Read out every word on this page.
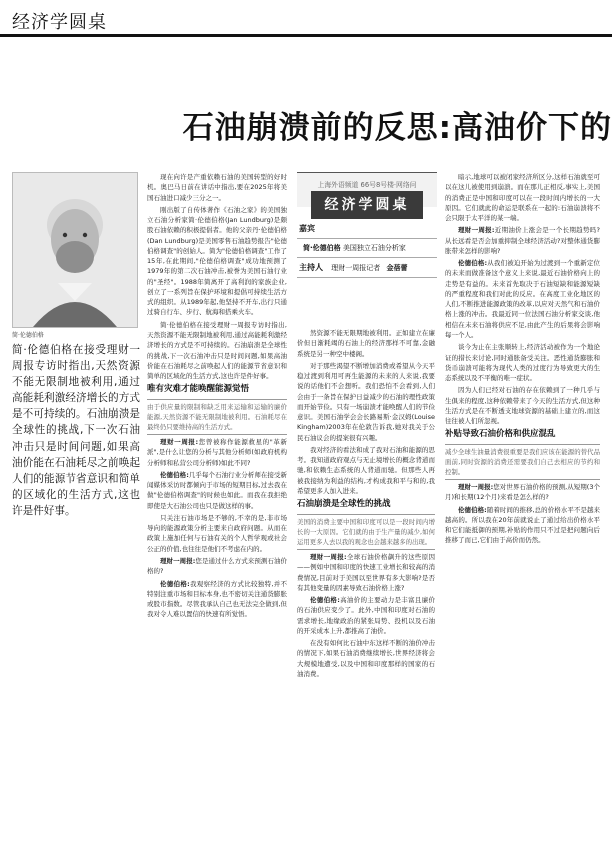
经济学圆桌
石油崩溃前的反思:高油价下的
简·伦德伯格
简·伦德伯格在接受理财一周报专访时指出,天然资源不能无限制地被利用,通过高能耗利激经济增长的方式是不可持续的。石油崩溃是全球性的挑战,下一次石油冲击只是时间问题,如果高油价能在石油耗尽之前唤起人们的能源节省意识和简单的区域化的生活方式,这也许是件好事。

现在向许是产重依赖石油的美国转型的好时机。奥巴马日前在讲话中指出,要在2025年将美国石油进口减少三分之一。

刚出版了自传体著作《石油之家》的美国独立石油分析家简·伦德伯格(Jan Lundburg)是颇股石油依赖的积极提倡者。他的父亲丹·伦德伯格(Dan Lundburg)是美国零售石油趋势报告"伦德伯格调查"的创始人。简为"伦德伯格调查"工作了15年,在此期间,"伦德伯格调查"成功地预测了1979年的第二次石油冲击,被誉为美国石油行业的"圣经"。1988年简离开了高利润的家族企业,创立了一系列旨在保护环境和提倡可持续生活方式的组织。从1989年起,他坚持不开车,出行只通过骑自行车、步行、航海和搭乘火车。

简·伦德伯格在接受理财一周报专访时指出,天然资源不能无限制地被利用,通过高能耗利激经济增长的方式是不可持续的。石油崩溃是全球性的挑战,下一次石油冲击只是时间问题,如果高油价能在石油耗尽之前唤起人们的能源节省意识和简单的区域化的生活方式,这也许是件好事。

唯有灾难才能唤醒能源觉悟

由于供应量的限制和缺乏用来运输和运输的廉价能源,天然资源不能无限制地被利用。石油耗尽在最终仍只要维持高的生活方式。

理财一周报:您曾被称作能源救星的"革新派",是什么让您的分析与其他分析师(如政府机构分析师和私营公司分析师)如此不同?

伦德伯格:几乎每个石油行业分析师在接受新闻媒体采访时都倾向于市场的短期目标,过去我在做"伦德伯格调查"的时候也如此。而我在我拒绝即使是大石油公司也只是做这样的事。

只关注石油市场是不够的,不幸的是,非市场导向的能源政策分析主要来自政府问题。从而在政策上施加任何与石油有关的个人哲学观或社会公正的价值,也往往是他们不考虑在内的。

理财一周报:您是通过什么方式来预测石油价格的?

伦德伯格:我观察经济的方式比较独特,并不特别注重市场和目标本身,也不密切关注通货膨胀或股市指数。尽管我承认自己也无法完全做到,但我对令人难以置信的快速有所觉悟。

上海外语频道 66号8号楼·网络问
经济学圆桌
嘉宾
简·伦德伯格 美国独立石油分析家
主持人 理财一周报记者 金蓓蕾

然资源不能无限期地被利用。正如建立在廉价但日渐耗竭的石油上的经济那样不可靠,金融系统是另一种空中楼阁。

对于那些渴望不断增加消费或希望从今天平稳过渡到利用可再生能源的未来的人来说,我要说的话他们不会想听。我们恐怕不会看到,人们会由于一条旨在保护日益减少的石油的理性政策而开始节俭。只有一场崩溃才能唤醒人们的节俭意识。美国石油学会会长路易斯·金汉姆(Louise Kingham)2003年在伦敦告诉我,她对我关于公民石油议会的提案很有兴趣。

我对经济的看法和成了我对石油和能源的思考。我知道政府观点与无止境增长的概念背道而驰,和依赖生态系统的人背道而驰。但那些人再被我接纳为利益的结构,才构成我和平与和的,我希望更多人加入进来。

石油崩溃是全球性的挑战

美国的消费主要中国和印度可以是一段时间内增长的一大原因。它们就的由于生产量的减少,如何运用更多人去以我的观念也会越来越多的出现。

理财一周报:全球石油价格飙升的这些原因——例如中国和印度的快速工业增长和较高的消费情况,目前对于美国以至世界有多大影响?是否有其他变量的因素导致石油价格上涨?

伦德伯格:高油价的主要动力是丰富且廉价的石油供应变少了。此外,中国和印度对石油的需求增长,地缘政治的紧张局势、投机以及石油的开采成本上升,都推高了油价。

在没有如何比石油中东这样不断的油价冲击的情况下,如果石油消费继续增长,世界经济将会大规模地遭受,以及中国和印度那样的国家的石油消费。

暗示,地球可以被闭家经济所区分,这样石油就至可以在这儿被使用到崩溃。而在那儿正相反,事实上,美国的消费正是中国和印度可以在一段时间内增长的一大原因。它们就此的命运是联系在一起的:石油崩溃将不会只限于太平洋的某一端。

理财一周报:近期油价上涨会是一个长期趋势吗?从长远看是否会加重抑制全球经济活动?对整体通货膨胀带来怎样的影响?

伦德伯格:从我们被迫开始为过渡到一个重新定位的未来而做准备这个意义上来说,最近石油价格向上的走势是有益的。未来首先取决于石油短缺和能源短缺的严重程度和我们对此的反应。在高度工业化地区的人们,不断推进能源政策的改革,以应对天然气和石油价格上涨的冲击。我最近同一位法国石油分析家交谈,他相信在未来石油将供应不足,由此产生的后果将会影响每一个人。

谈今为止在主张顺转上,经济活动被作为一个地论证的措长来讨论,同时通胀备受关注。恶性通货膨胀和货币崩溃可能将为现代人类的过度行为导致更大的生态系统以及不平衡的唯一症状。

因为人们已经对石油的存在依赖到了一种几乎与生俱来的程度,这种依赖带来了今天的生活方式,但这种生活方式是在不断透支地球资源的基础上建立的,而这往往被人们所忽视。

补贴导致石油价格和供应混乱

减少全球生油量消费很重要是我们应该在能源的替代品面前,同时资源的消费还需要我们自己去相应的节约和控制。

理财一周报:您对世界石油价格的预测,从短期(3个月)和长期(12个月)来看是怎么样的?

伦德伯格:随着时间的推移,总的价格水平不是越来越高的。所以我在20年前就说止了通过给出价格水平和它们能抵御的预期,补贴的作用只不过是把问题向后推移了而已,它们由于高价而仍然。
